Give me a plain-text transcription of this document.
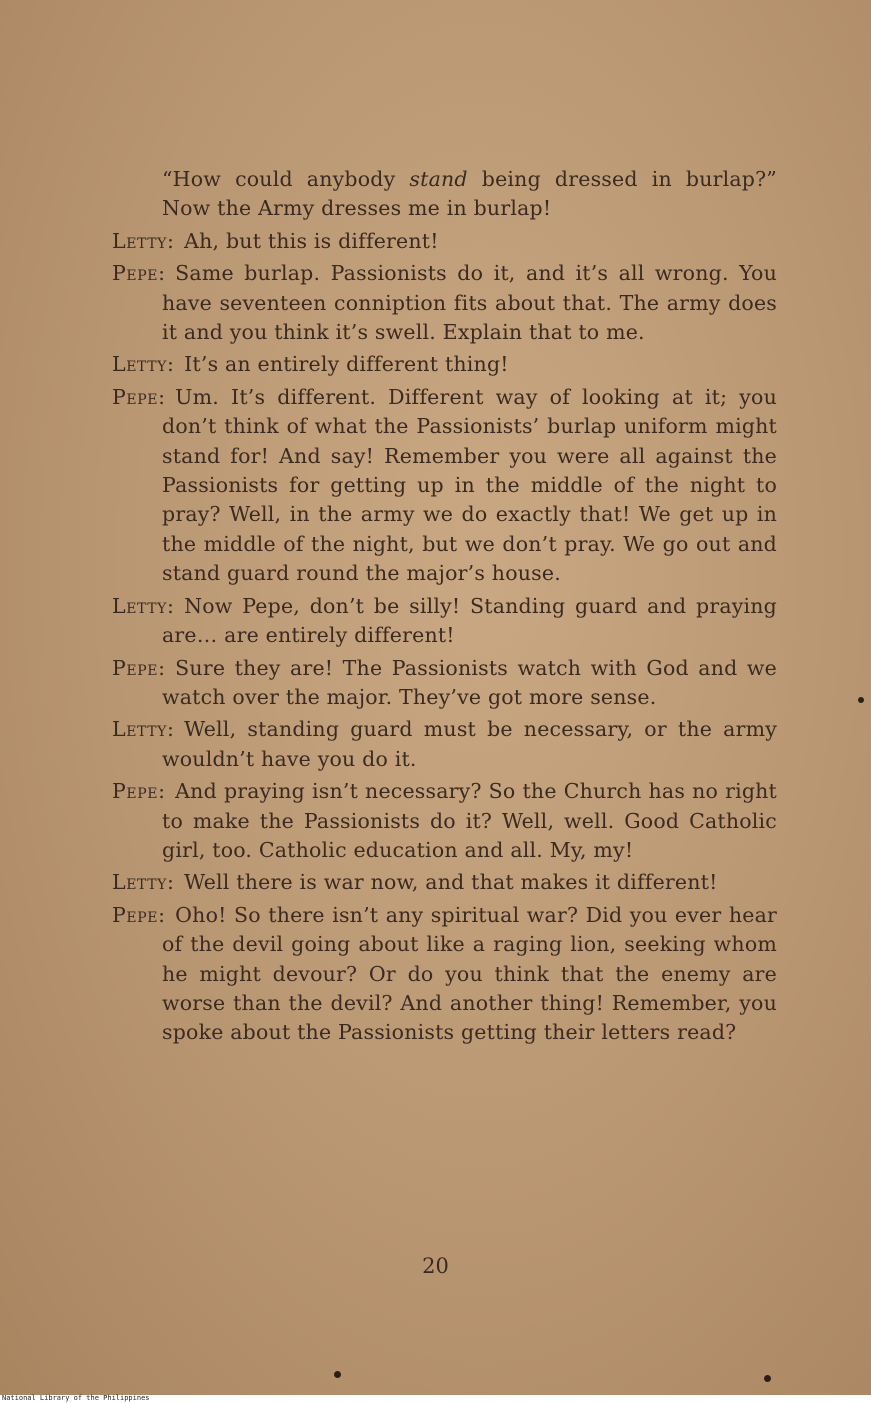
“How could anybody stand being dressed in burlap?” Now the Army dresses me in burlap!

Letty: Ah, but this is different!

Pepe: Same burlap. Passionists do it, and it’s all wrong. You have seventeen conniption fits about that. The army does it and you think it’s swell. Explain that to me.

Letty: It’s an entirely different thing!

Pepe: Um. It’s different. Different way of looking at it; you don’t think of what the Passionists’ burlap uniform might stand for! And say! Remember you were all against the Passionists for getting up in the middle of the night to pray? Well, in the army we do exactly that! We get up in the middle of the night, but we don’t pray. We go out and stand guard round the major’s house.

Letty: Now Pepe, don’t be silly! Standing guard and praying are… are entirely different!

Pepe: Sure they are! The Passionists watch with God and we watch over the major. They’ve got more sense.

Letty: Well, standing guard must be necessary, or the army wouldn’t have you do it.

Pepe: And praying isn’t necessary? So the Church has no right to make the Passionists do it? Well, well. Good Catholic girl, too. Catholic education and all. My, my!

Letty: Well there is war now, and that makes it different!

Pepe: Oho! So there isn’t any spiritual war? Did you ever hear of the devil going about like a raging lion, seeking whom he might devour? Or do you think that the enemy are worse than the devil? And another thing! Remember, you spoke about the Passionists getting their letters read?

20
National Library of the Philippines
